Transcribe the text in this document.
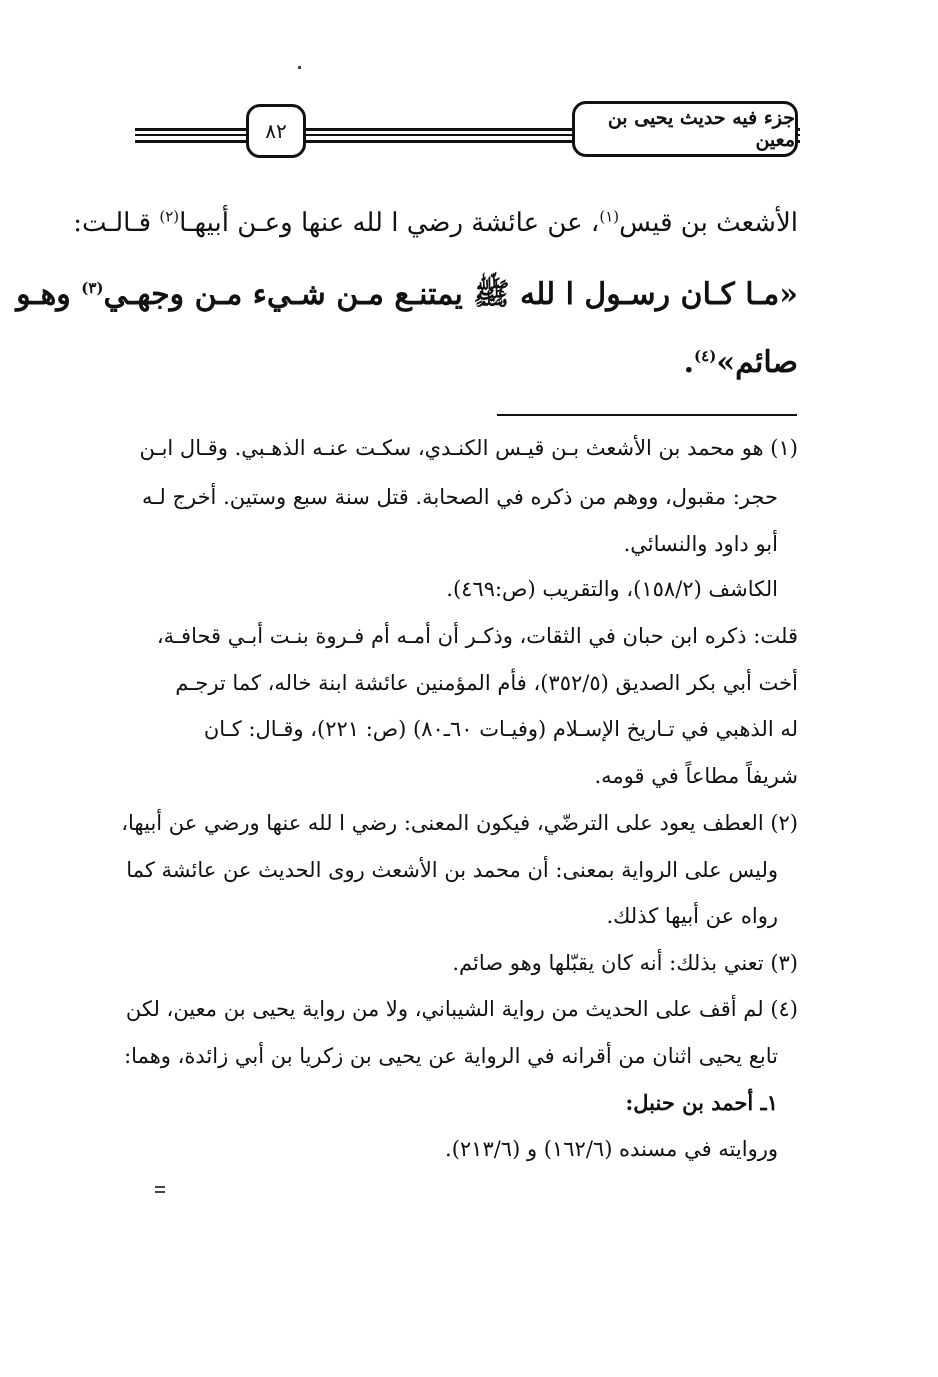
٨٢
جزء فيه حديث يحيى بن معين
الأشعث بن قيس$^{(١)}$، عن عائشة رضي ا لله عنها وعـن أبيهـا$^{(٢)}$ قـالـت:
«مـا كـان رسـول ا لله ﷺ يمتنـع مـن شـيء مـن وجهـي$^{(٣)}$ وهـو
صائم»$^{(٤)}$.
(١) هو محمد بن الأشعث بـن قيـس الكنـدي، سكـت عنـه الذهـبي. وقـال ابـن
حجر: مقبول، ووهم من ذكره في الصحابة. قتل سنة سبع وستين. أخرج لـه
أبو داود والنسائي.
الكاشف (١٥٨/٢)، والتقريب (ص:٤٦٩).
قلت: ذكره ابن حبان في الثقات، وذكـر أن أمـه أم فـروة بنـت أبـي قحافـة،
أخت أبي بكر الصديق (٣٥٢/٥)، فأم المؤمنين عائشة ابنة خاله، كما ترجـم
له الذهبي في تـاريخ الإسـلام (وفيـات ٦٠ـ٨٠) (ص: ٢٢١)، وقـال: كـان
شريفاً مطاعاً في قومه.
(٢) العطف يعود على الترضّي، فيكون المعنى: رضي ا لله عنها ورضي عن أبيها،
وليس على الرواية بمعنى: أن محمد بن الأشعث روى الحديث عن عائشة كما
رواه عن أبيها كذلك.
(٣) تعني بذلك: أنه كان يقبّلها وهو صائم.
(٤) لم أقف على الحديث من رواية الشيباني، ولا من رواية يحيى بن معين، لكن
تابع يحيى اثنان من أقرانه في الرواية عن يحيى بن زكريا بن أبي زائدة، وهما:
١ـ أحمد بن حنبل:
وروايته في مسنده (١٦٢/٦) و (٢١٣/٦).
